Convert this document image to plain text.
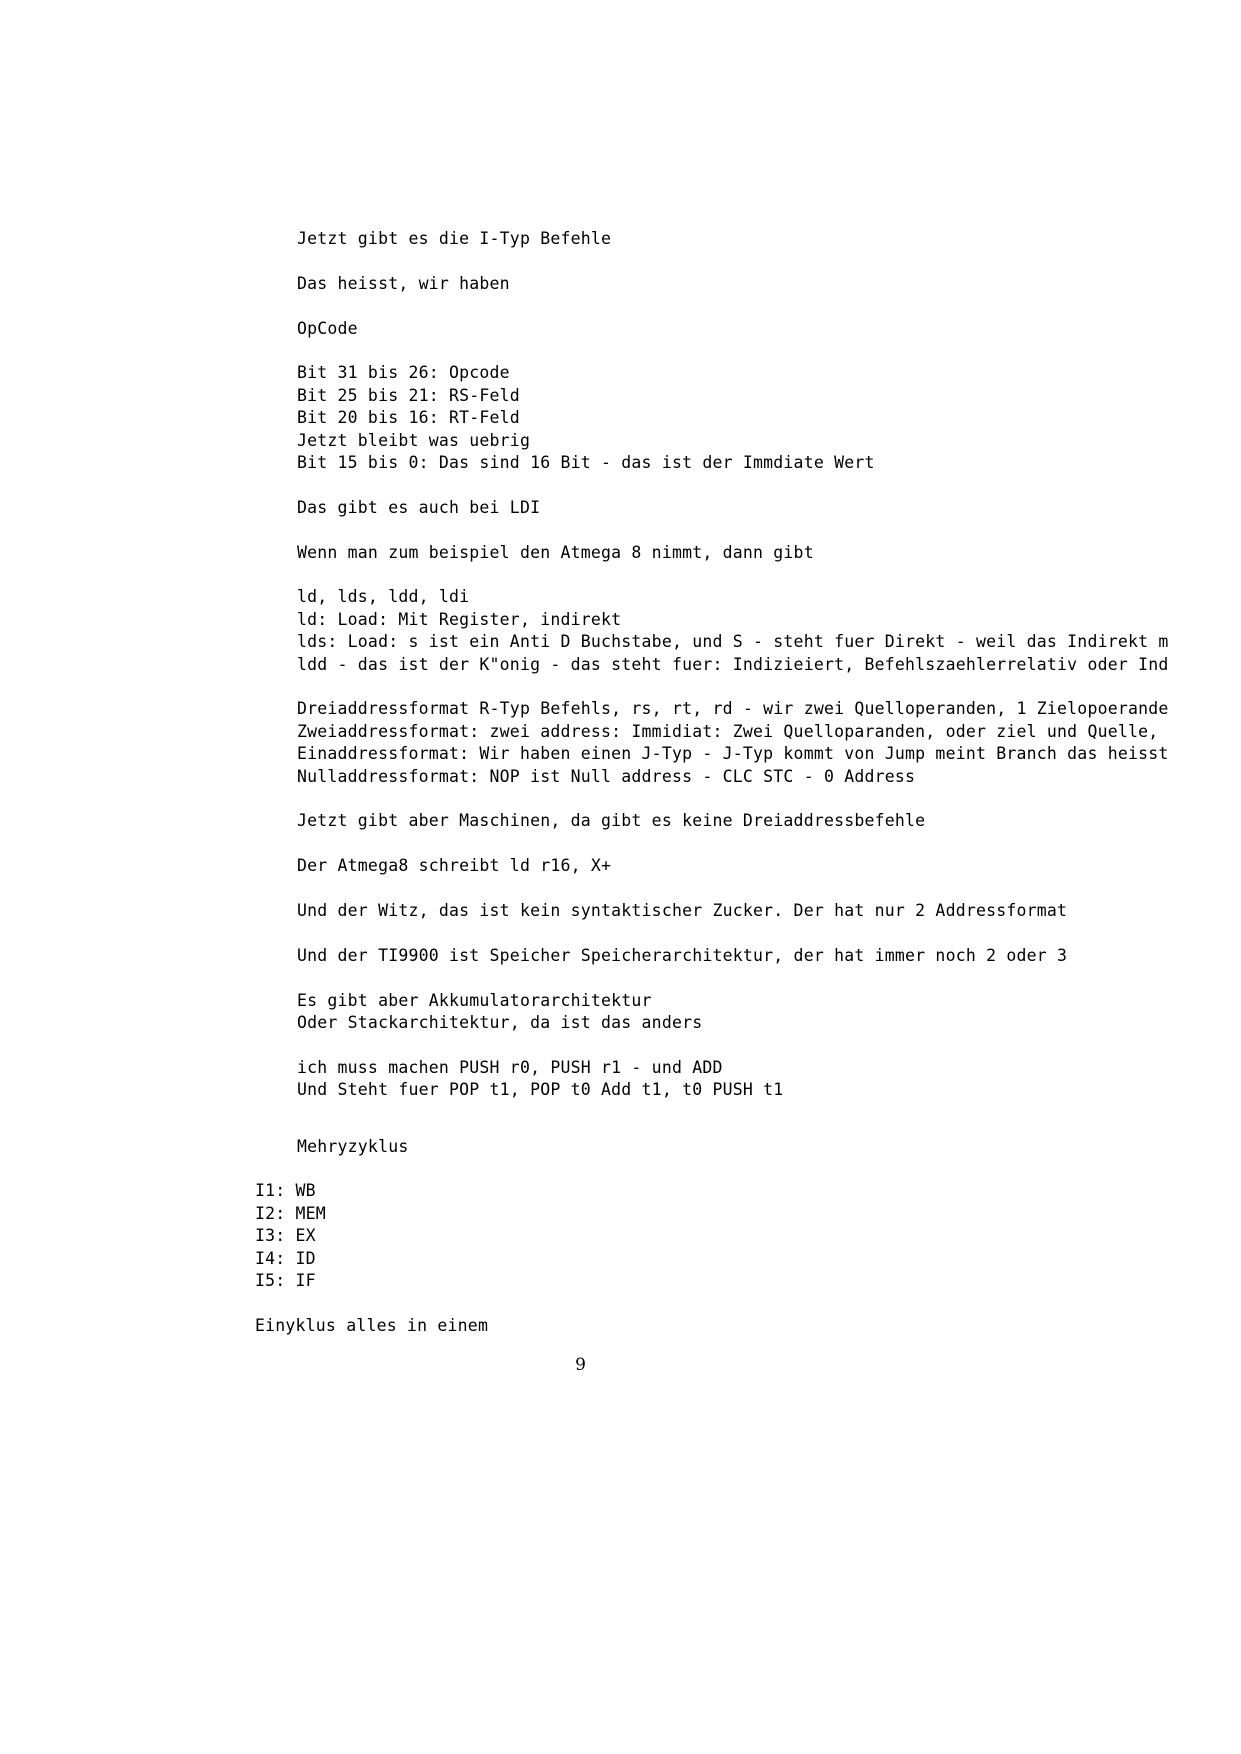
Jetzt gibt es die I-Typ Befehle
Das heisst, wir haben
OpCode
Bit 31 bis 26: Opcode
Bit 25 bis 21: RS-Feld
Bit 20 bis 16: RT-Feld
Jetzt bleibt was uebrig
Bit 15 bis 0: Das sind 16 Bit - das ist der Immdiate Wert
Das gibt es auch bei LDI
Wenn man zum beispiel den Atmega 8 nimmt, dann gibt
ld, lds, ldd, ldi
ld: Load: Mit Register, indirekt
lds: Load: s ist ein Anti D Buchstabe, und S - steht fuer Direkt - weil das Indirekt m
ldd - das ist der K"onig - das steht fuer: Indizieiert, Befehlszaehlerrelativ oder Ind
Dreiaddressformat R-Typ Befehls, rs, rt, rd - wir zwei Quelloperanden, 1 Zielopoerande
Zweiaddressformat: zwei address: Immidiat: Zwei Quelloparanden, oder ziel und Quelle,
Einaddressformat: Wir haben einen J-Typ - J-Typ kommt von Jump meint Branch das heisst
Nulladdressformat: NOP ist Null address - CLC STC - 0 Address
Jetzt gibt aber Maschinen, da gibt es keine Dreiaddressbefehle
Der Atmega8 schreibt ld r16, X+
Und der Witz, das ist kein syntaktischer Zucker. Der hat nur 2 Addressformat
Und der TI9900 ist Speicher Speicherarchitektur, der hat immer noch 2 oder 3
Es gibt aber Akkumulatorarchitektur
Oder Stackarchitektur, da ist das anders
ich muss machen PUSH r0, PUSH r1 - und ADD
Und Steht fuer POP t1, POP t0 Add t1, t0 PUSH t1
Mehryzyklus
I1: WB
I2: MEM
I3: EX
I4: ID
I5: IF
Einyklus alles in einem
9
